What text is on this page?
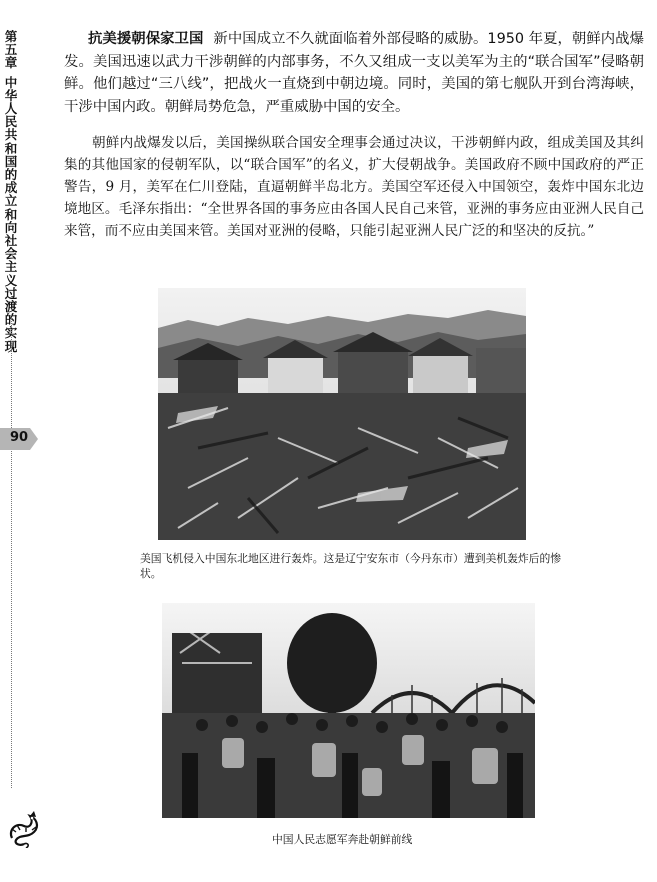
第
五
章
中
华
人
民
共
和
国
的
成
立
和
向
社
会
主
义
过
渡
的
实
现
90
抗美援朝保家卫国 新中国成立不久就面临着外部侵略的威胁。1950 年夏，朝鲜内战爆发。美国迅速以武力干涉朝鲜的内部事务，不久又组成一支以美军为主的“联合国军”侵略朝鲜。他们越过“三八线”，把战火一直烧到中朝边境。同时，美国的第七舰队开到台湾海峡，干涉中国内政。朝鲜局势危急，严重威胁中国的安全。
朝鲜内战爆发以后，美国操纵联合国安全理事会通过决议，干涉朝鲜内政，组成美国及其纠集的其他国家的侵朝军队，以“联合国军”的名义，扩大侵朝战争。美国政府不顾中国政府的严正警告，9 月，美军在仁川登陆，直逼朝鲜半岛北方。美国空军还侵入中国领空，轰炸中国东北边境地区。毛泽东指出：“全世界各国的事务应由各国人民自己来管，亚洲的事务应由亚洲人民自己来管，而不应由美国来管。美国对亚洲的侵略，只能引起亚洲人民广泛的和坚决的反抗。”
美国飞机侵入中国东北地区进行轰炸。这是辽宁安东市（今丹东市）遭到美机轰炸后的惨状。
中国人民志愿军奔赴朝鲜前线
